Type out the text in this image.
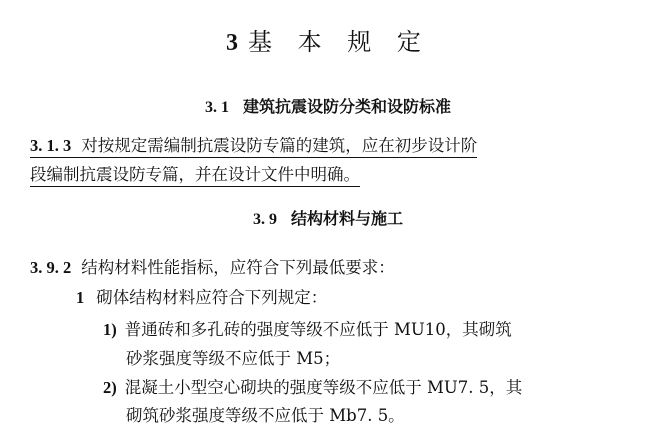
3 基 本 规 定
3. 1 建筑抗震设防分类和设防标准
3. 1. 3 对按规定需编制抗震设防专篇的建筑，应在初步设计阶
段编制抗震设防专篇，并在设计文件中明确。
3. 9 结构材料与施工
3. 9. 2 结构材料性能指标，应符合下列最低要求：
1 砌体结构材料应符合下列规定：
1) 普通砖和多孔砖的强度等级不应低于 MU10，其砌筑
砂浆强度等级不应低于 M5；
2) 混凝土小型空心砌块的强度等级不应低于 MU7. 5，其
砌筑砂浆强度等级不应低于 Mb7. 5。
